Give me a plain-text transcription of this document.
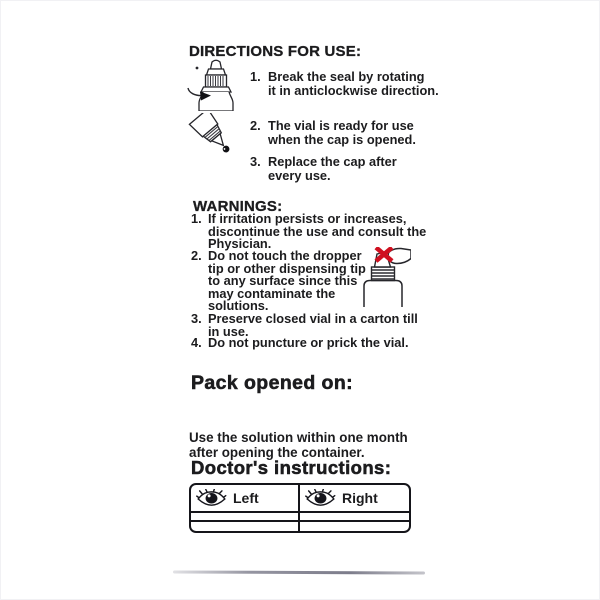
DIRECTIONS FOR USE:
1. Break the seal by rotating
it in anticlockwise direction.
2. The vial is ready for use
when the cap is opened.
3. Replace the cap after
every use.
WARNINGS:
1. If irritation persists or increases,
discontinue the use and consult the
Physician.
2. Do not touch the dropper
tip or other dispensing tip
to any surface since this
may contaminate the
solutions.
3. Preserve closed vial in a carton till
in use.
4. Do not puncture or prick the vial.
Pack opened on:
Use the solution within one month
after opening the container.
Doctor's instructions:
Left	Right
